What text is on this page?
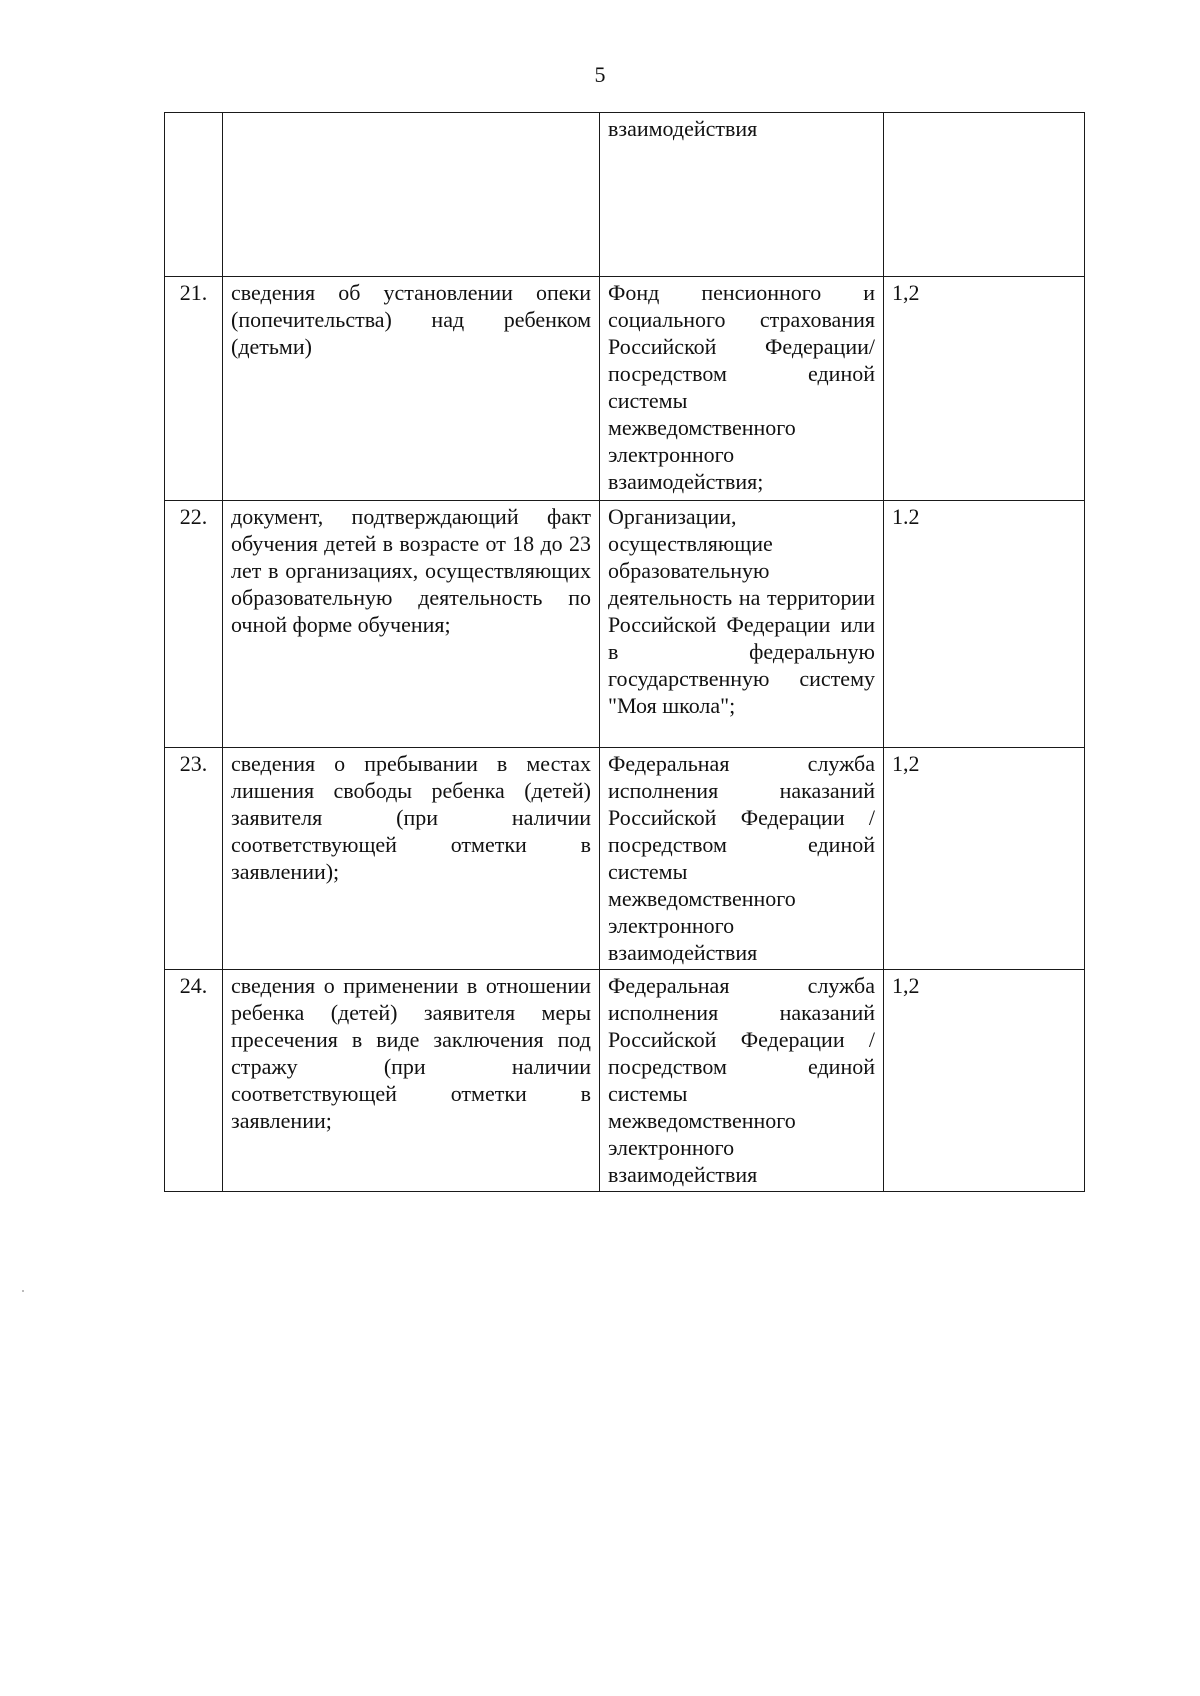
5
		взаимодействия	
21.	сведения об установлении опеки (попечительства) над ребенком (детьми)	Фонд пенсионного и социального страхования Российской Федерации/посредством единой системы межведомственного электронного взаимодействия;	1,2
22.	документ, подтверждающий факт обучения детей в возрасте от 18 до 23 лет в организациях, осуществляющих образовательную деятельность по очной форме обучения;	Организации, осуществляющие образовательную деятельность на территории Российской Федерации или в федеральную государственную систему "Моя школа";	1.2
23.	сведения о пребывании в местах лишения свободы ребенка (детей) заявителя (при наличии соответствующей отметки в заявлении);	Федеральная служба исполнения наказаний Российской Федерации /посредством единой системы межведомственного электронного взаимодействия	1,2
24.	сведения о применении в отношении ребенка (детей) заявителя меры пресечения в виде заключения под стражу (при наличии соответствующей отметки в заявлении;	Федеральная служба исполнения наказаний Российской Федерации /посредством единой системы межведомственного электронного взаимодействия	1,2
